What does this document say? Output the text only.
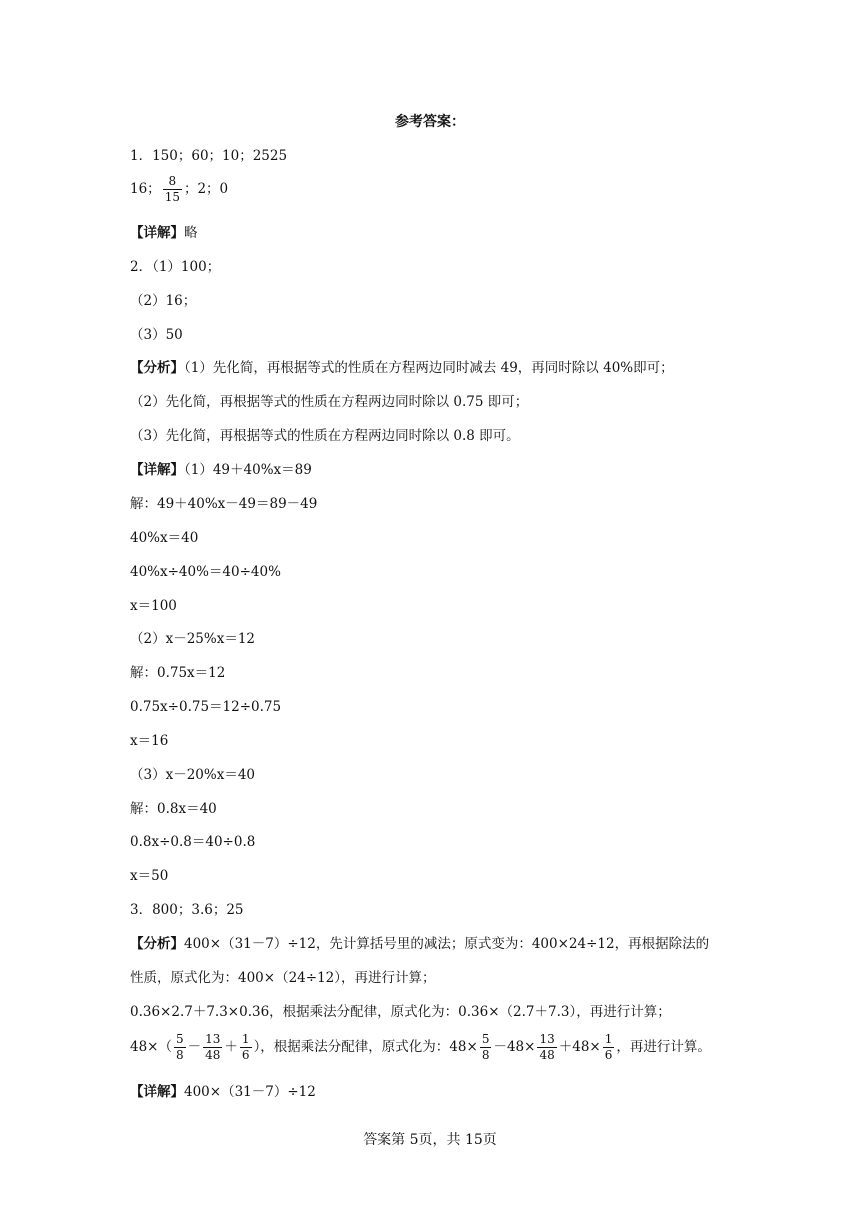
参考答案：
1．150；60；10；2525
16； $\frac{8}{15}$ ；2；0
【详解】略
2．（1）100；
（2）16；
（3）50
【分析】（1）先化简，再根据等式的性质在方程两边同时减去 49，再同时除以 40%即可；
（2）先化简，再根据等式的性质在方程两边同时除以 0.75 即可；
（3）先化简，再根据等式的性质在方程两边同时除以 0.8 即可。
【详解】（1）49＋40%x＝89
解：49＋40%x－49＝89－49
40%x＝40
40%x÷40%＝40÷40%
x＝100
（2）x－25%x＝12
解：0.75x＝12
0.75x÷0.75＝12÷0.75
x＝16
（3）x－20%x＝40
解：0.8x＝40
0.8x÷0.8＝40÷0.8
x＝50
3．800；3.6；25
【分析】400×（31－7）÷12，先计算括号里的减法；原式变为：400×24÷12，再根据除法的
性质，原式化为：400×（24÷12），再进行计算；
0.36×2.7＋7.3×0.36，根据乘法分配律，原式化为：0.36×（2.7＋7.3），再进行计算；
$48\times( \frac{5}{8} - \frac{13}{48} + \frac{1}{6}$ ），根据乘法分配律，原式化为：$48\times \frac{5}{8} -48\times \frac{13}{48} +48\times \frac{1}{6}$ ，再进行计算。
【详解】400×（31－7）÷12
答案第 5页，共 15页
